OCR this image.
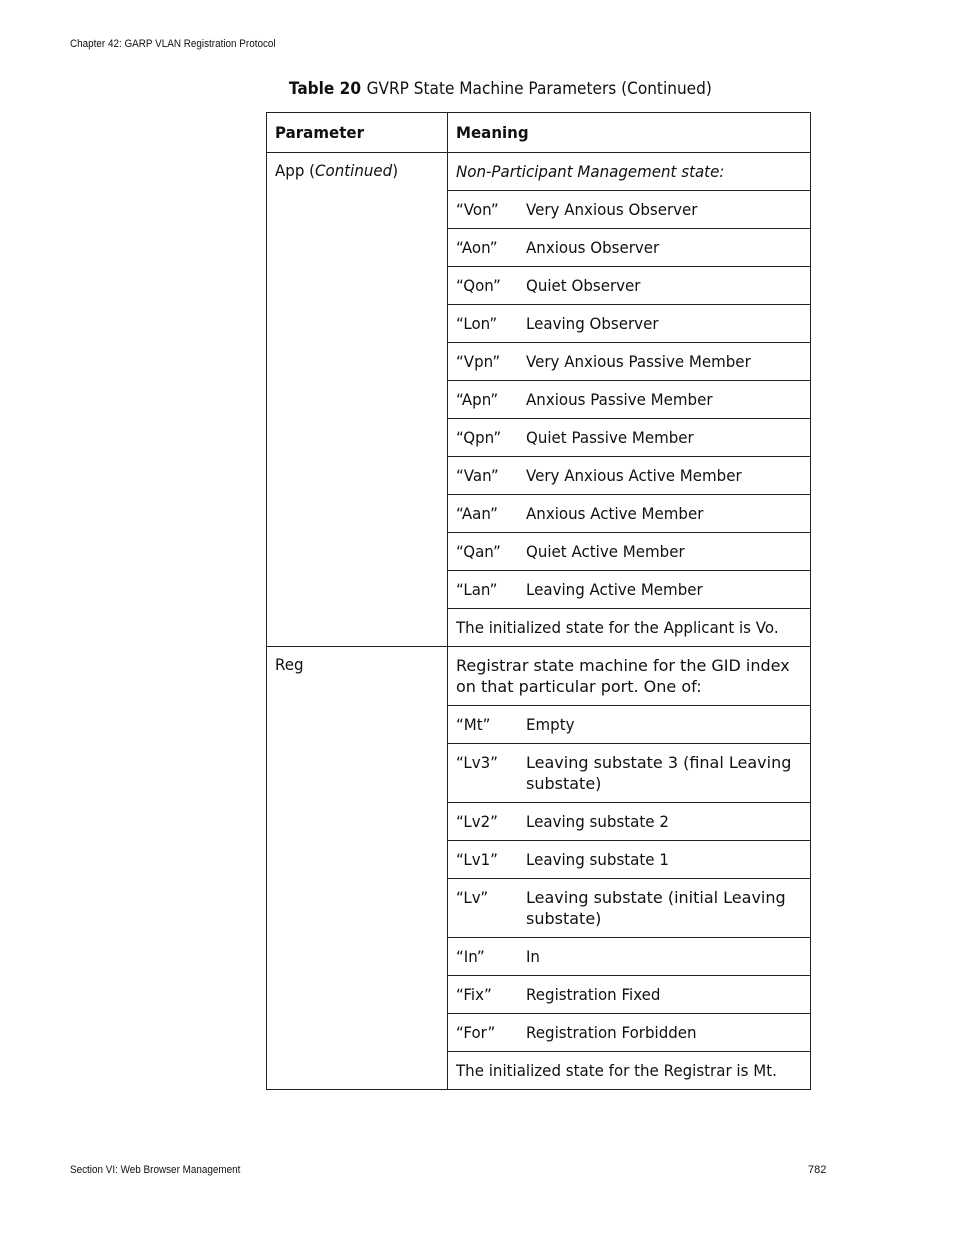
Chapter 42: GARP VLAN Registration Protocol
Table 20 GVRP State Machine Parameters (Continued)
Parameter	Meaning
App (Continued)	Non-Participant Management state:

	“Von” Very Anxious Observer

	“Aon” Anxious Observer

	“Qon” Quiet Observer

	“Lon” Leaving Observer

	“Vpn” Very Anxious Passive Member

	“Apn” Anxious Passive Member

	“Qpn” Quiet Passive Member

	“Van” Very Anxious Active Member

	“Aan” Anxious Active Member

	“Qan” Quiet Active Member

	“Lan” Leaving Active Member

	The initialized state for the Applicant is Vo.
Reg	Registrar state machine for the GID index on that particular port. One of:

	“Mt” Empty

	“Lv3” Leaving substate 3 (final Leaving substate)

	“Lv2” Leaving substate 2

	“Lv1” Leaving substate 1

	“Lv” Leaving substate (initial Leaving substate)

	“In” In

	“Fix” Registration Fixed

	“For” Registration Forbidden

	The initialized state for the Registrar is Mt.
Section VI: Web Browser Management	782
